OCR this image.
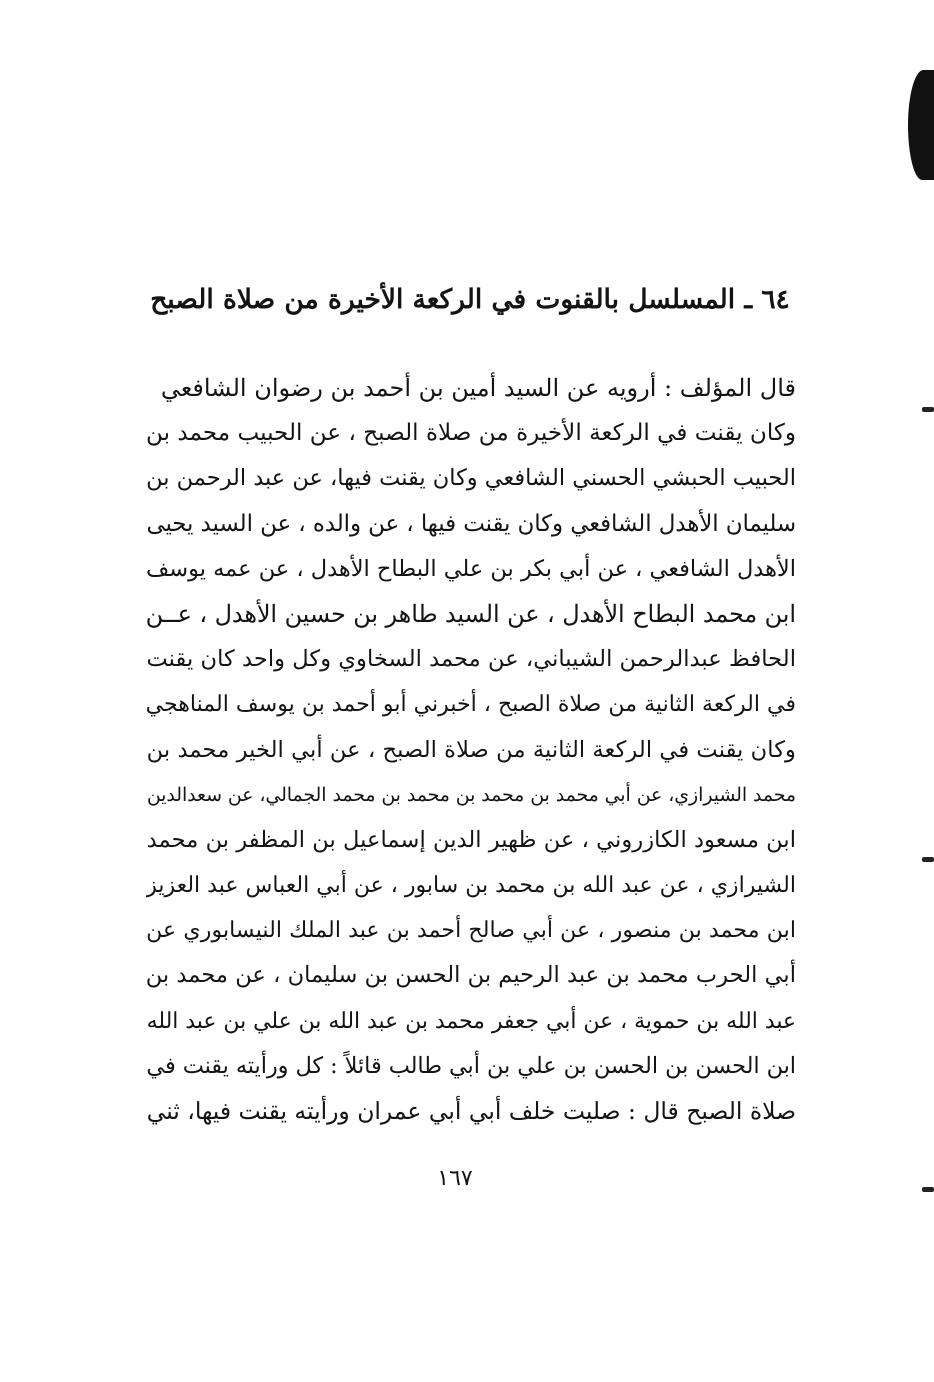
٦٤ ـ المسلسل بالقنوت في الركعة الأخيرة من صلاة الصبح
قال المؤلف : أرويه عن السيد أمين بن أحمد بن رضوان الشافعي
وكان يقنت في الركعة الأخيرة من صلاة الصبح ، عن الحبيب محمد بن
الحبيب الحبشي الحسني الشافعي وكان يقنت فيها، عن عبد الرحمن بن
سليمان الأهدل الشافعي وكان يقنت فيها ، عن والده ، عن السيد يحيى
الأهدل الشافعي ، عن أبي بكر بن علي البطاح الأهدل ، عن عمه يوسف
ابن محمد البطاح الأهدل ، عن السيد طاهر بن حسين الأهدل ، عــن
الحافظ عبدالرحمن الشيباني، عن محمد السخاوي وكل واحد كان يقنت
في الركعة الثانية من صلاة الصبح ، أخبرني أبو أحمد بن يوسف المناهجي
وكان يقنت في الركعة الثانية من صلاة الصبح ، عن أبي الخير محمد بن
محمد الشيرازي، عن أبي محمد بن محمد بن محمد بن محمد الجمالي، عن سعدالدين
ابن مسعود الكازروني ، عن ظهير الدين إسماعيل بن المظفر بن محمد
الشيرازي ، عن عبد الله بن محمد بن سابور ، عن أبي العباس عبد العزيز
ابن محمد بن منصور ، عن أبي صالح أحمد بن عبد الملك النيسابوري عن
أبي الحرب محمد بن عبد الرحيم بن الحسن بن سليمان ، عن محمد بن
عبد الله بن حموية ، عن أبي جعفر محمد بن عبد الله بن علي بن عبد الله
ابن الحسن بن الحسن بن علي بن أبي طالب قائلاً : كل ورأيته يقنت في
صلاة الصبح قال : صليت خلف أبي أبي عمران ورأيته يقنت فيها، ثني
١٦٧
